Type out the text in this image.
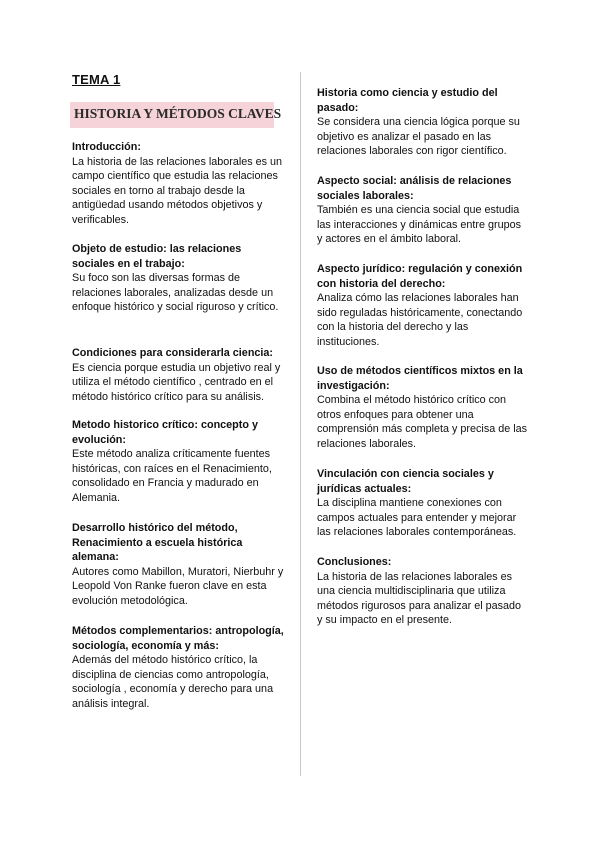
TEMA 1
HISTORIA Y MÉTODOS CLAVES
Introducción:

La historia de las relaciones laborales es un campo científico que estudia las relaciones sociales en torno al trabajo desde la antigüedad usando métodos objetivos y verificables.

Objeto de estudio: las relaciones sociales en el trabajo:

Su foco son las diversas formas de relaciones laborales, analizadas desde un enfoque histórico y social riguroso y crítico.

Condiciones para considerarla ciencia:

Es ciencia porque estudia un objetivo real y utiliza el método científico , centrado en el método histórico crítico para su análisis.

Metodo historico crítico: concepto y evolución:

Este método analiza críticamente fuentes históricas, con raíces en el Renacimiento, consolidado en Francia y madurado en Alemania.

Desarrollo histórico del método, Renacimiento a escuela histórica alemana:

Autores como Mabillon, Muratori, Nierbuhr y Leopold Von Ranke fueron clave en esta evolución metodológica.

Métodos complementarios: antropología, sociología, economía y más:

Además del método histórico crítico, la disciplina de ciencias como antropología, sociología , economía y derecho para una análisis integral.

Historia como ciencia y estudio del pasado:

Se considera una ciencia lógica porque su objetivo es analizar el pasado en las relaciones laborales con rigor científico.

Aspecto social: análisis de relaciones sociales laborales:

También es una ciencia social que estudia las interacciones y dinámicas entre grupos y actores en el ámbito laboral.

Aspecto jurídico: regulación y conexión con historia del derecho:

Analiza cómo las relaciones laborales han sido reguladas históricamente, conectando con la historia del derecho y las instituciones.

Uso de métodos científicos mixtos en la investigación:

Combina el método histórico crítico con otros enfoques para obtener una comprensión más completa y precisa de las relaciones laborales.

Vinculación con ciencia sociales y jurídicas actuales:

La disciplina mantiene conexiones con campos actuales para entender y mejorar las relaciones laborales contemporáneas.

Conclusiones:

La historia de las relaciones laborales es una ciencia multidisciplinaria que utiliza métodos rigurosos para analizar el pasado y su impacto en el presente.
